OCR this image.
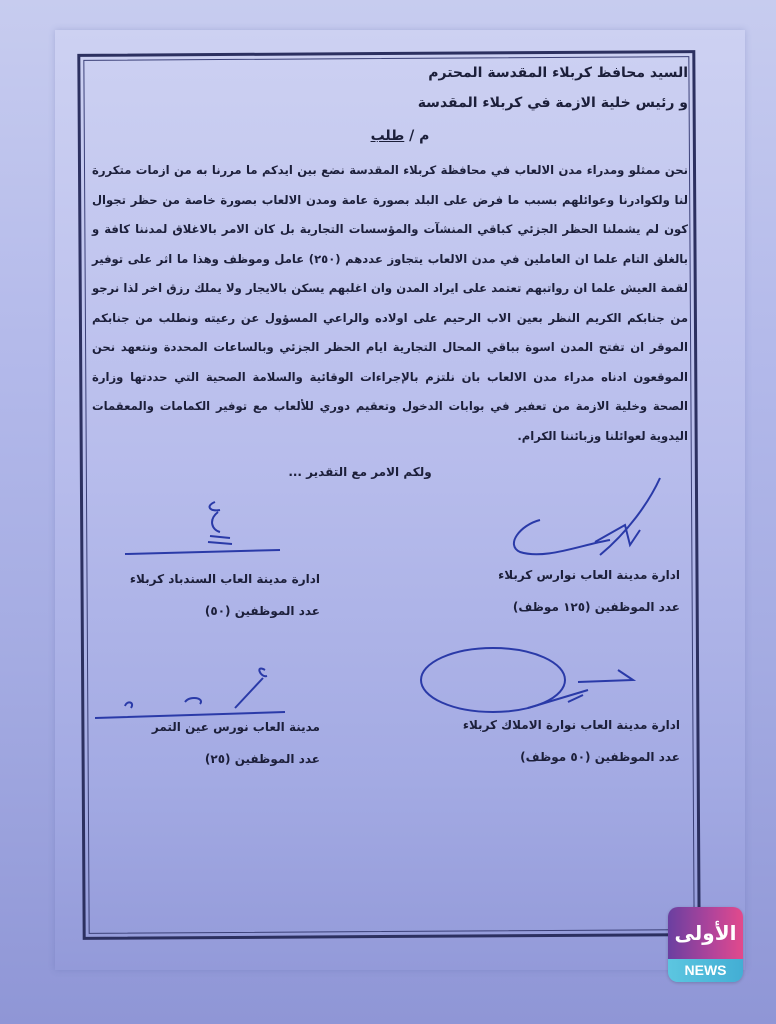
السيد محافظ كربلاء المقدسة المحترم
و رئيس خلية الازمة في كربلاء المقدسة
م / طلب
نحن ممثلو ومدراء مدن الالعاب في محافظة كربلاء المقدسة نضع بين ايدكم ما مررنا به من ازمات متكررة لنا ولكوادرنا وعوائلهم بسبب ما فرض على البلد بصورة عامة ومدن الالعاب بصورة خاصة من حظر تجوال كون لم يشملنا الحظر الجزئي كباقي المنشآت والمؤسسات التجارية بل كان الامر بالاغلاق لمدننا كافة و بالغلق التام علما ان العاملين في مدن الالعاب يتجاوز عددهم (٢٥٠) عامل وموظف وهذا ما اثر على توفير لقمة العيش علما ان رواتبهم تعتمد على ايراد المدن وان اغلبهم يسكن بالايجار ولا يملك رزق اخر لذا نرجو من جنابكم الكريم النظر بعين الاب الرحيم على اولاده والراعي المسؤول عن رعيته ونطلب من جنابكم الموقر ان تفتح المدن اسوة بباقي المحال التجارية ايام الحظر الجزئي وبالساعات المحددة ونتعهد نحن الموقعون ادناه مدراء مدن الالعاب بان نلتزم بالإجراءات الوقائية والسلامة الصحية التي حددتها وزارة الصحة وخلية الازمة من تعفير في بوابات الدخول وتعقيم دوري للألعاب مع توفير الكمامات والمعقمات اليدوية لعوائلنا وزبائننا الكرام.
ولكم الامر مع التقدير ...
ادارة مدينة العاب نوارس كربلاء
عدد الموظفين (١٢٥ موظف)
ادارة مدينة العاب السندباد كربلاء
عدد الموظفين (٥٠)
ادارة مدينة العاب نوارة الاملاك كربلاء
عدد الموظفين (٥٠ موظف)
مدينة العاب نورس عين التمر
عدد الموظفين (٢٥)
الأولى
NEWS
